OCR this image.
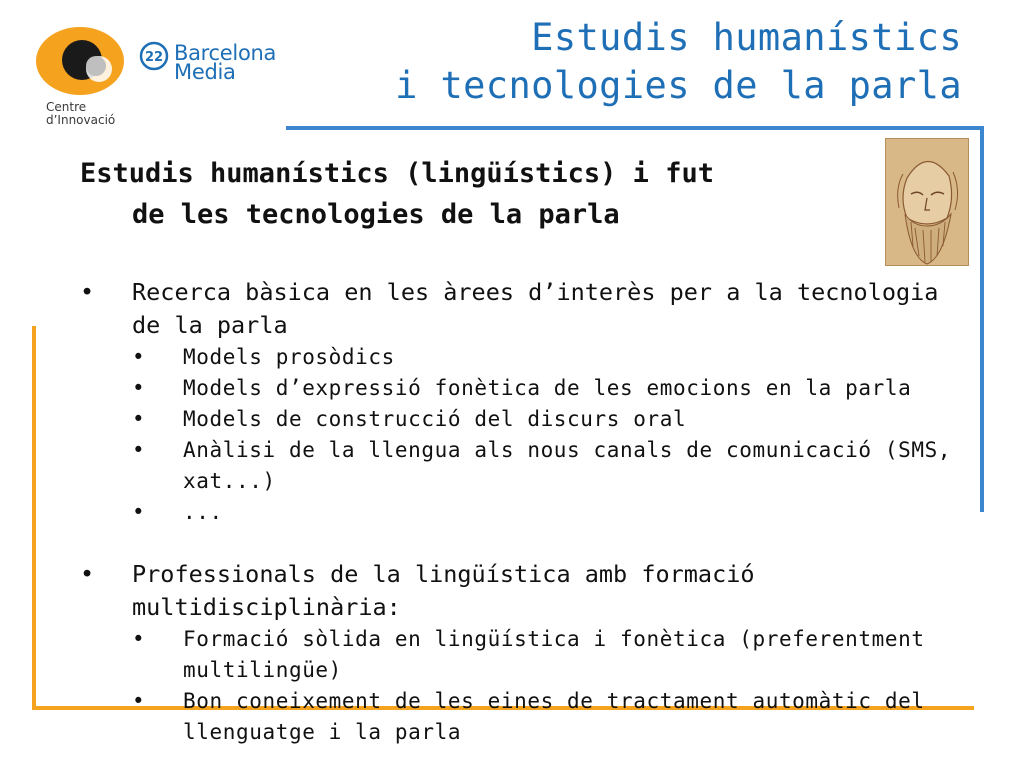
22 Barcelona
Media
Centre
d’Innovació
Estudis humanístics
i tecnologies de la parla
Estudis humanístics (lingüístics) i fut
de les tecnologies de la parla
• Recerca bàsica en les àrees d’interès per a la tecnologia de la parla
• Models prosòdics
• Models d’expressió fonètica de les emocions en la parla
• Models de construcció del discurs oral
• Anàlisi de la llengua als nous canals de comunicació (SMS, xat...)
• ...
• Professionals de la lingüística amb formació multidisciplinària:
• Formació sòlida en lingüística i fonètica (preferentment multilingüe)
• Bon coneixement de les eines de tractament automàtic del llenguatge i la parla
